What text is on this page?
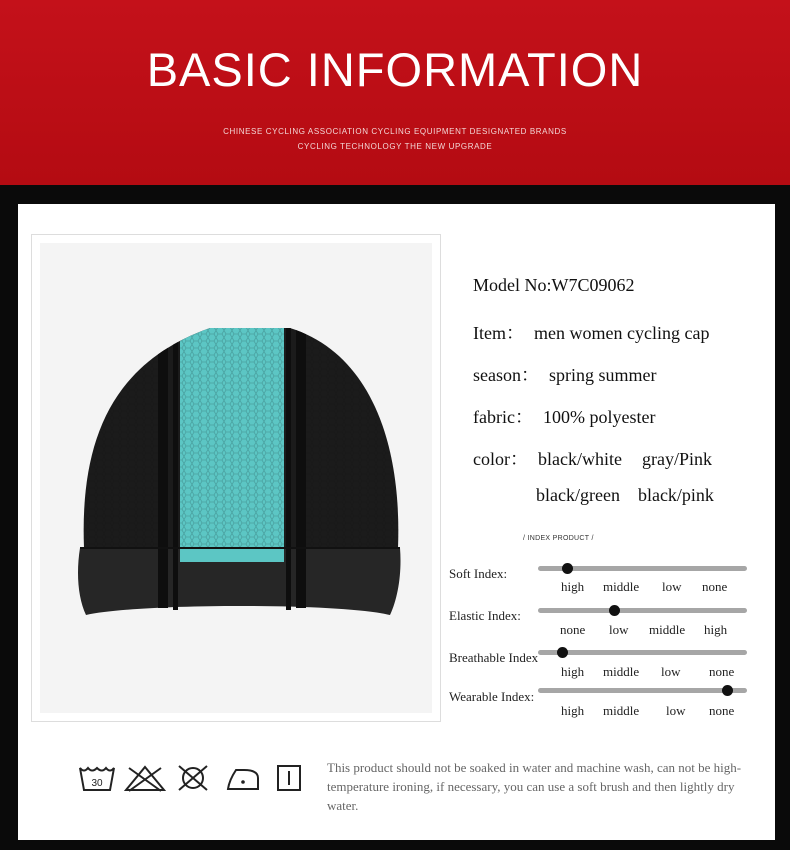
BASIC INFORMATION
CHINESE CYCLING ASSOCIATION CYCLING EQUIPMENT DESIGNATED BRANDS
CYCLING TECHNOLOGY THE NEW UPGRADE
Model No:W7C09062
Item： men women cycling cap
season： spring summer
fabric： 100% polyester
color： black/white gray/Pink
black/green black/pink
/ INDEX PRODUCT /
Soft Index:
high middle low none
Elastic Index:
none low middle high
Breathable Index
high middle low none
Wearable Index:
high middle low none
30
This product should not be soaked in water and machine wash, can not be high-temperature ironing, if necessary, you can use a soft brush and then lightly dry water.
